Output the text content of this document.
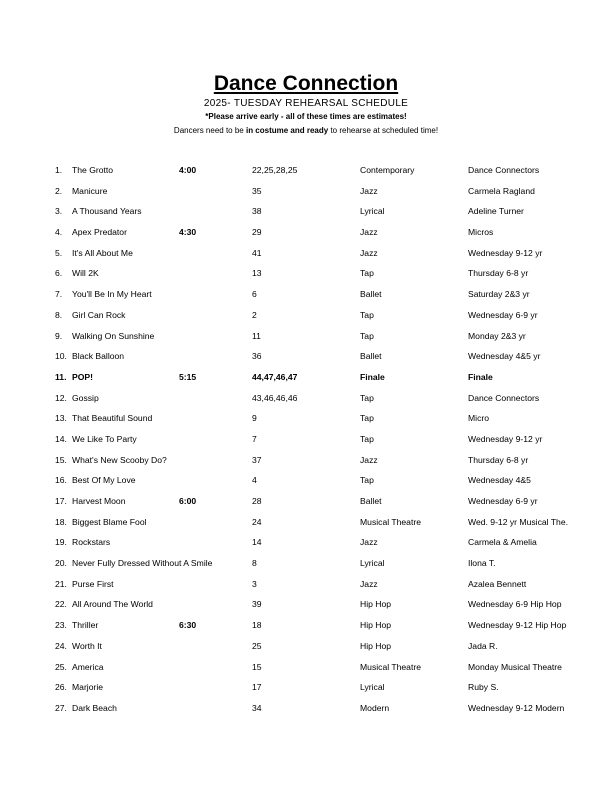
Dance Connection
2025- TUESDAY REHEARSAL SCHEDULE
*Please arrive early - all of these times are estimates!
Dancers need to be in costume and ready to rehearse at scheduled time!
1. The Grotto	4:00	22,25,28,25	Contemporary	Dance Connectors
2. Manicure	35	Jazz	Carmela Ragland
3. A Thousand Years	38	Lyrical	Adeline Turner
4. Apex Predator	4:30	29	Jazz	Micros
5. It's All About Me	41	Jazz	Wednesday 9-12 yr
6. Will 2K	13	Tap	Thursday 6-8 yr
7. You'll Be In My Heart	6	Ballet	Saturday 2&3 yr
8. Girl Can Rock	2	Tap	Wednesday 6-9 yr
9. Walking On Sunshine	11	Tap	Monday 2&3 yr
10. Black Balloon	36	Ballet	Wednesday 4&5 yr
11. POP!	5:15	44,47,46,47	Finale	Finale
12. Gossip	43,46,46,46	Tap	Dance Connectors
13. That Beautiful Sound	9	Tap	Micro
14. We Like To Party	7	Tap	Wednesday 9-12 yr
15. What's New Scooby Do?	37	Jazz	Thursday 6-8 yr
16. Best Of My Love	4	Tap	Wednesday 4&5
17. Harvest Moon	6:00	28	Ballet	Wednesday 6-9 yr
18. Biggest Blame Fool	24	Musical Theatre	Wed. 9-12 yr Musical The.
19. Rockstars	14	Jazz	Carmela & Amelia
20. Never Fully Dressed Without A Smile	8	Lyrical	Ilona T.
21. Purse First	3	Jazz	Azalea Bennett
22. All Around The World	39	Hip Hop	Wednesday 6-9 Hip Hop
23. Thriller	6:30	18	Hip Hop	Wednesday 9-12 Hip Hop
24. Worth It	25	Hip Hop	Jada R.
25. America	15	Musical Theatre	Monday Musical Theatre
26. Marjorie	17	Lyrical	Ruby S.
27. Dark Beach	34	Modern	Wednesday 9-12 Modern
